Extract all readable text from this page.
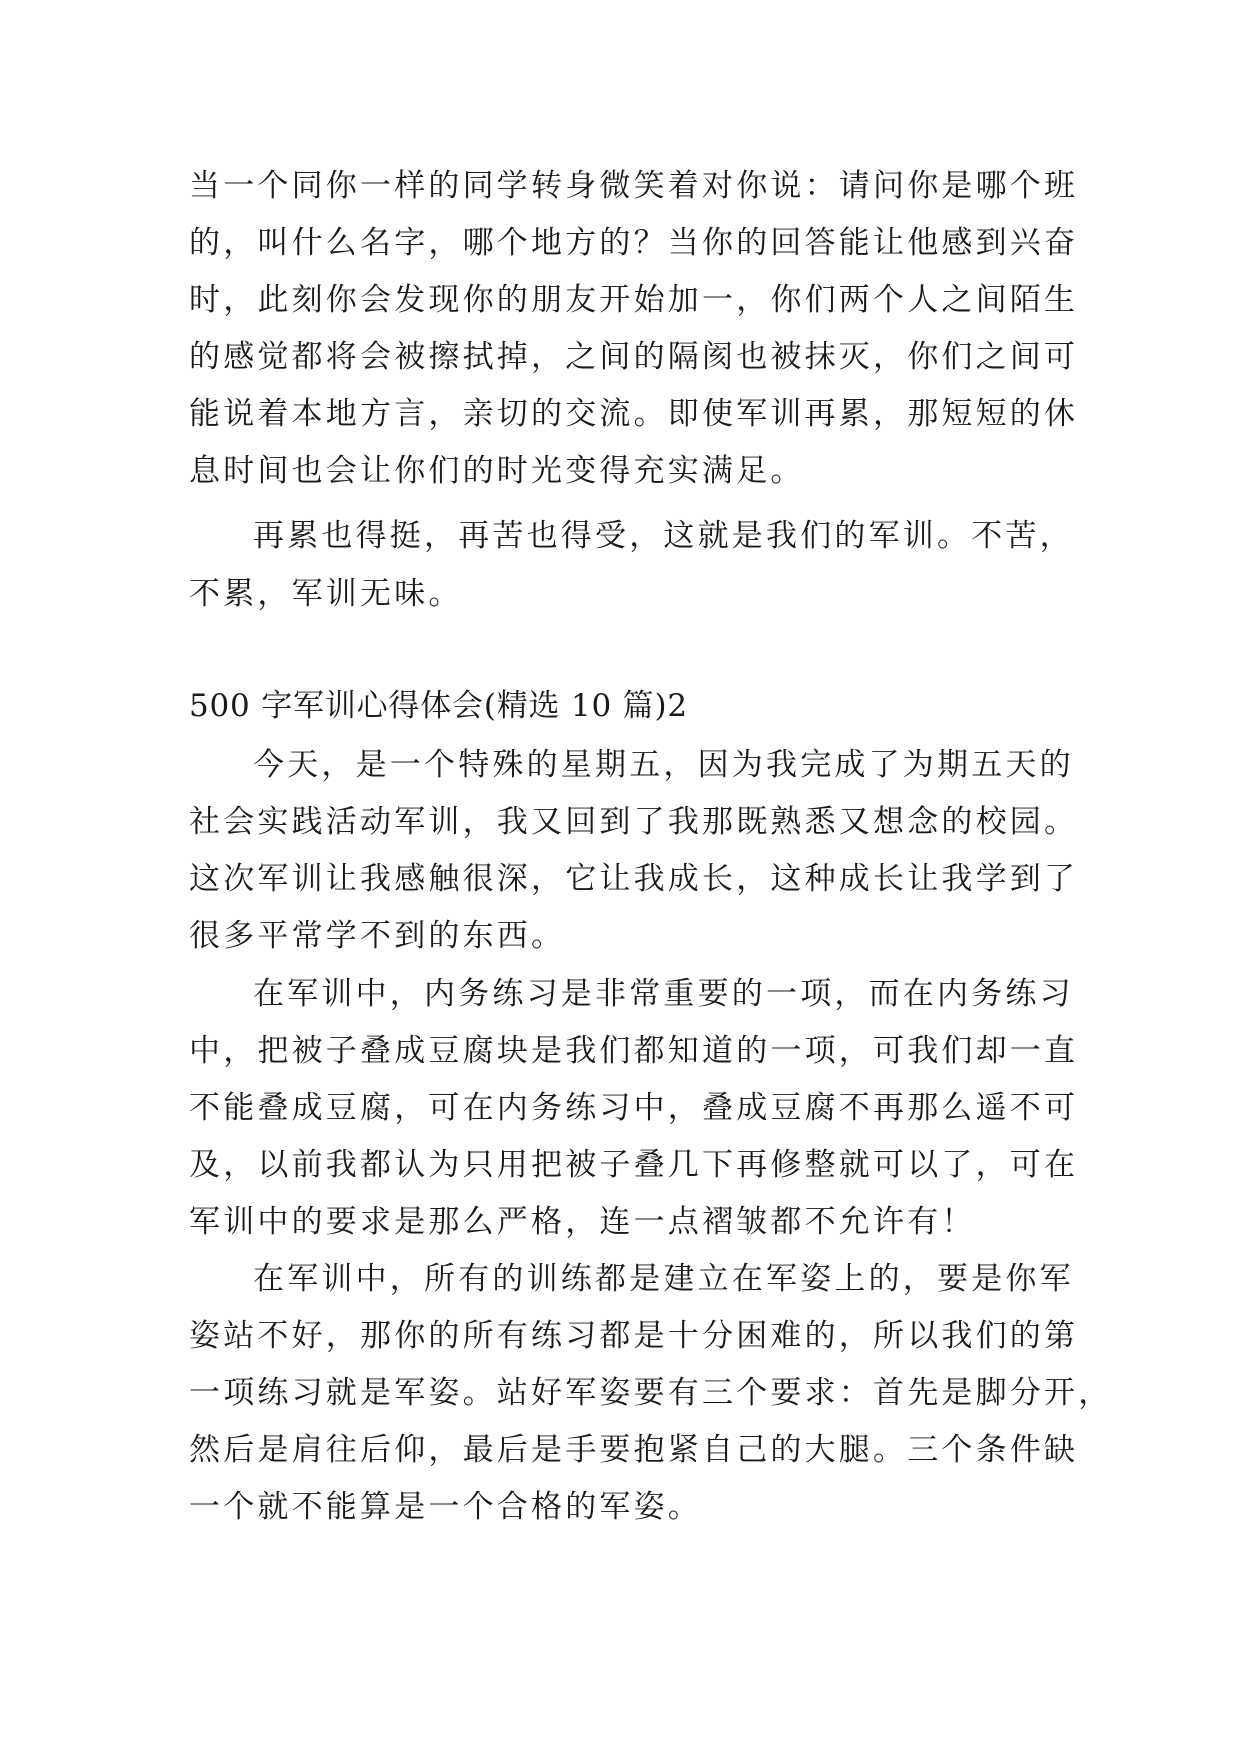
当一个同你一样的同学转身微笑着对你说：请问你是哪个班
的，叫什么名字，哪个地方的？当你的回答能让他感到兴奋
时，此刻你会发现你的朋友开始加一，你们两个人之间陌生
的感觉都将会被擦拭掉，之间的隔阂也被抹灭，你们之间可
能说着本地方言，亲切的交流。即使军训再累，那短短的休
息时间也会让你们的时光变得充实满足。
再累也得挺，再苦也得受，这就是我们的军训。不苦，
不累，军训无味。
500 字军训心得体会(精选 10 篇)2
今天，是一个特殊的星期五，因为我完成了为期五天的
社会实践活动军训，我又回到了我那既熟悉又想念的校园。
这次军训让我感触很深，它让我成长，这种成长让我学到了
很多平常学不到的东西。
在军训中，内务练习是非常重要的一项，而在内务练习
中，把被子叠成豆腐块是我们都知道的一项，可我们却一直
不能叠成豆腐，可在内务练习中，叠成豆腐不再那么遥不可
及，以前我都认为只用把被子叠几下再修整就可以了，可在
军训中的要求是那么严格，连一点褶皱都不允许有！
在军训中，所有的训练都是建立在军姿上的，要是你军
姿站不好，那你的所有练习都是十分困难的，所以我们的第
一项练习就是军姿。站好军姿要有三个要求：首先是脚分开，
然后是肩往后仰，最后是手要抱紧自己的大腿。三个条件缺
一个就不能算是一个合格的军姿。
